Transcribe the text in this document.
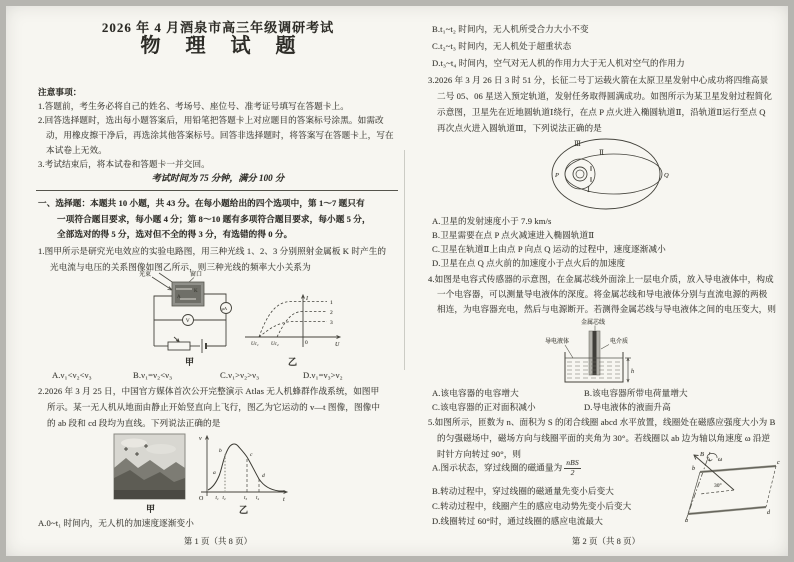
2026 年 4 月酒泉市高三年级调研考试
物 理 试 题
注意事项：
1.答题前，考生务必将自己的姓名、考场号、座位号、准考证号填写在答题卡上。
2.回答选择题时，选出每小题答案后，用铅笔把答题卡上对应题目的答案标号涂黑。如需改
动，用橡皮擦干净后，再选涂其他答案标号。回答非选择题时，将答案写在答题卡上，写在
本试卷上无效。
3.考试结束后，将本试卷和答题卡一并交回。
考试时间为 75 分钟，满分 100 分
一、选择题：本题共 10 小题，共 43 分。在每小题给出的四个选项中，第 1～7 题只有
一项符合题目要求，每小题 4 分；第 8～10 题有多项符合题目要求，每小题 5 分，
全部选对的得 5 分，选对但不全的得 3 分，有选错的得 0 分。
1.图甲所示是研究光电效应的实验电路图，用三种光线 1、2、3 分别照射金属板 K 时产生的
光电流与电压的关系图像如图乙所示，则三种光线的频率大小关系为
光束	窗口
K
A
μA
V
甲
I
U
0
Uc₁ Uc₂
1
2
3
乙
A.ν₁<ν₂<ν₃	B.ν₁=ν₂<ν₃	C.ν₁>ν₂>ν₃	D.ν₁=ν₃>ν₂
2.2026 年 3 月 25 日，中国官方媒体首次公开完整演示 Atlas 无人机蜂群作战系统，如图甲
所示。某一无人机从地面由静止开始竖直向上飞行，图乙为它运动的 v—t 图像，图像中
的 ab 段和 cd 段均为直线。下列说法正确的是
甲
v
t
O
a
b
c
d
t₁ t₂	t₃ t₄
乙
A.0~t₁ 时间内，无人机的加速度逐渐变小
第 1 页（共 8 页）
B.t₁~t₂ 时间内，无人机所受合力大小不变
C.t₂~t₃ 时间内，无人机处于超重状态
D.t₃~t₄ 时间内，空气对无人机的作用力大于无人机对空气的作用力
3.2026 年 3 月 26 日 3 时 51 分，长征二号丁运载火箭在太原卫星发射中心成功将四维高景
二号 05、06 星送入预定轨道，发射任务取得圆满成功。如图所示为某卫星发射过程简化
示意图，卫星先在近地圆轨道Ⅰ绕行，在点 P 点火进入椭圆轨道Ⅱ，沿轨道Ⅱ运行至点 Q
再次点火进入圆轨道Ⅲ，下列说法正确的是
Ⅲ
Ⅱ
Ⅰ
P	Q
A.卫星的发射速度小于 7.9 km/s
B.卫星需要在点 P 点火减速进入椭圆轨道Ⅱ
C.卫星在轨道Ⅱ上由点 P 向点 Q 运动的过程中，速度逐渐减小
D.卫星在点 Q 点火前的加速度小于点火后的加速度
4.如图是电容式传感器的示意图，在金属芯线外面涂上一层电介质，放入导电液体中，构成
一个电容器，可以测量导电液体的深度。将金属芯线和导电液体分别与直流电源的两极
相连，为电容器充电，然后与电源断开。若测得金属芯线与导电液体之间的电压变大，则
金属芯线
导电液体	电介质
h
A.该电容器的电容增大	B.该电容器所带电荷量增大
C.该电容器的正对面积减小	D.导电液体的液面升高
5.如图所示，匝数为 n、面积为 S 的闭合线圈 abcd 水平放置，线圈处在磁感应强度大小为 B
的匀强磁场中，磁场方向与线圈平面的夹角为 30°。若线圈以 ab 边为轴以角速度 ω 沿逆
时针方向转过 90°，则
A.图示状态，穿过线圈的磁通量为 $\frac{\text{nBS}}{2}$
B.转动过程中，穿过线圈的磁通量先变小后变大
C.转动过程中，线圈产生的感应电动势先变小后变大
D.线圈转过 60°时，通过线圈的感应电流最大
B
ω
30°
a
b
c
d
第 2 页（共 8 页）
